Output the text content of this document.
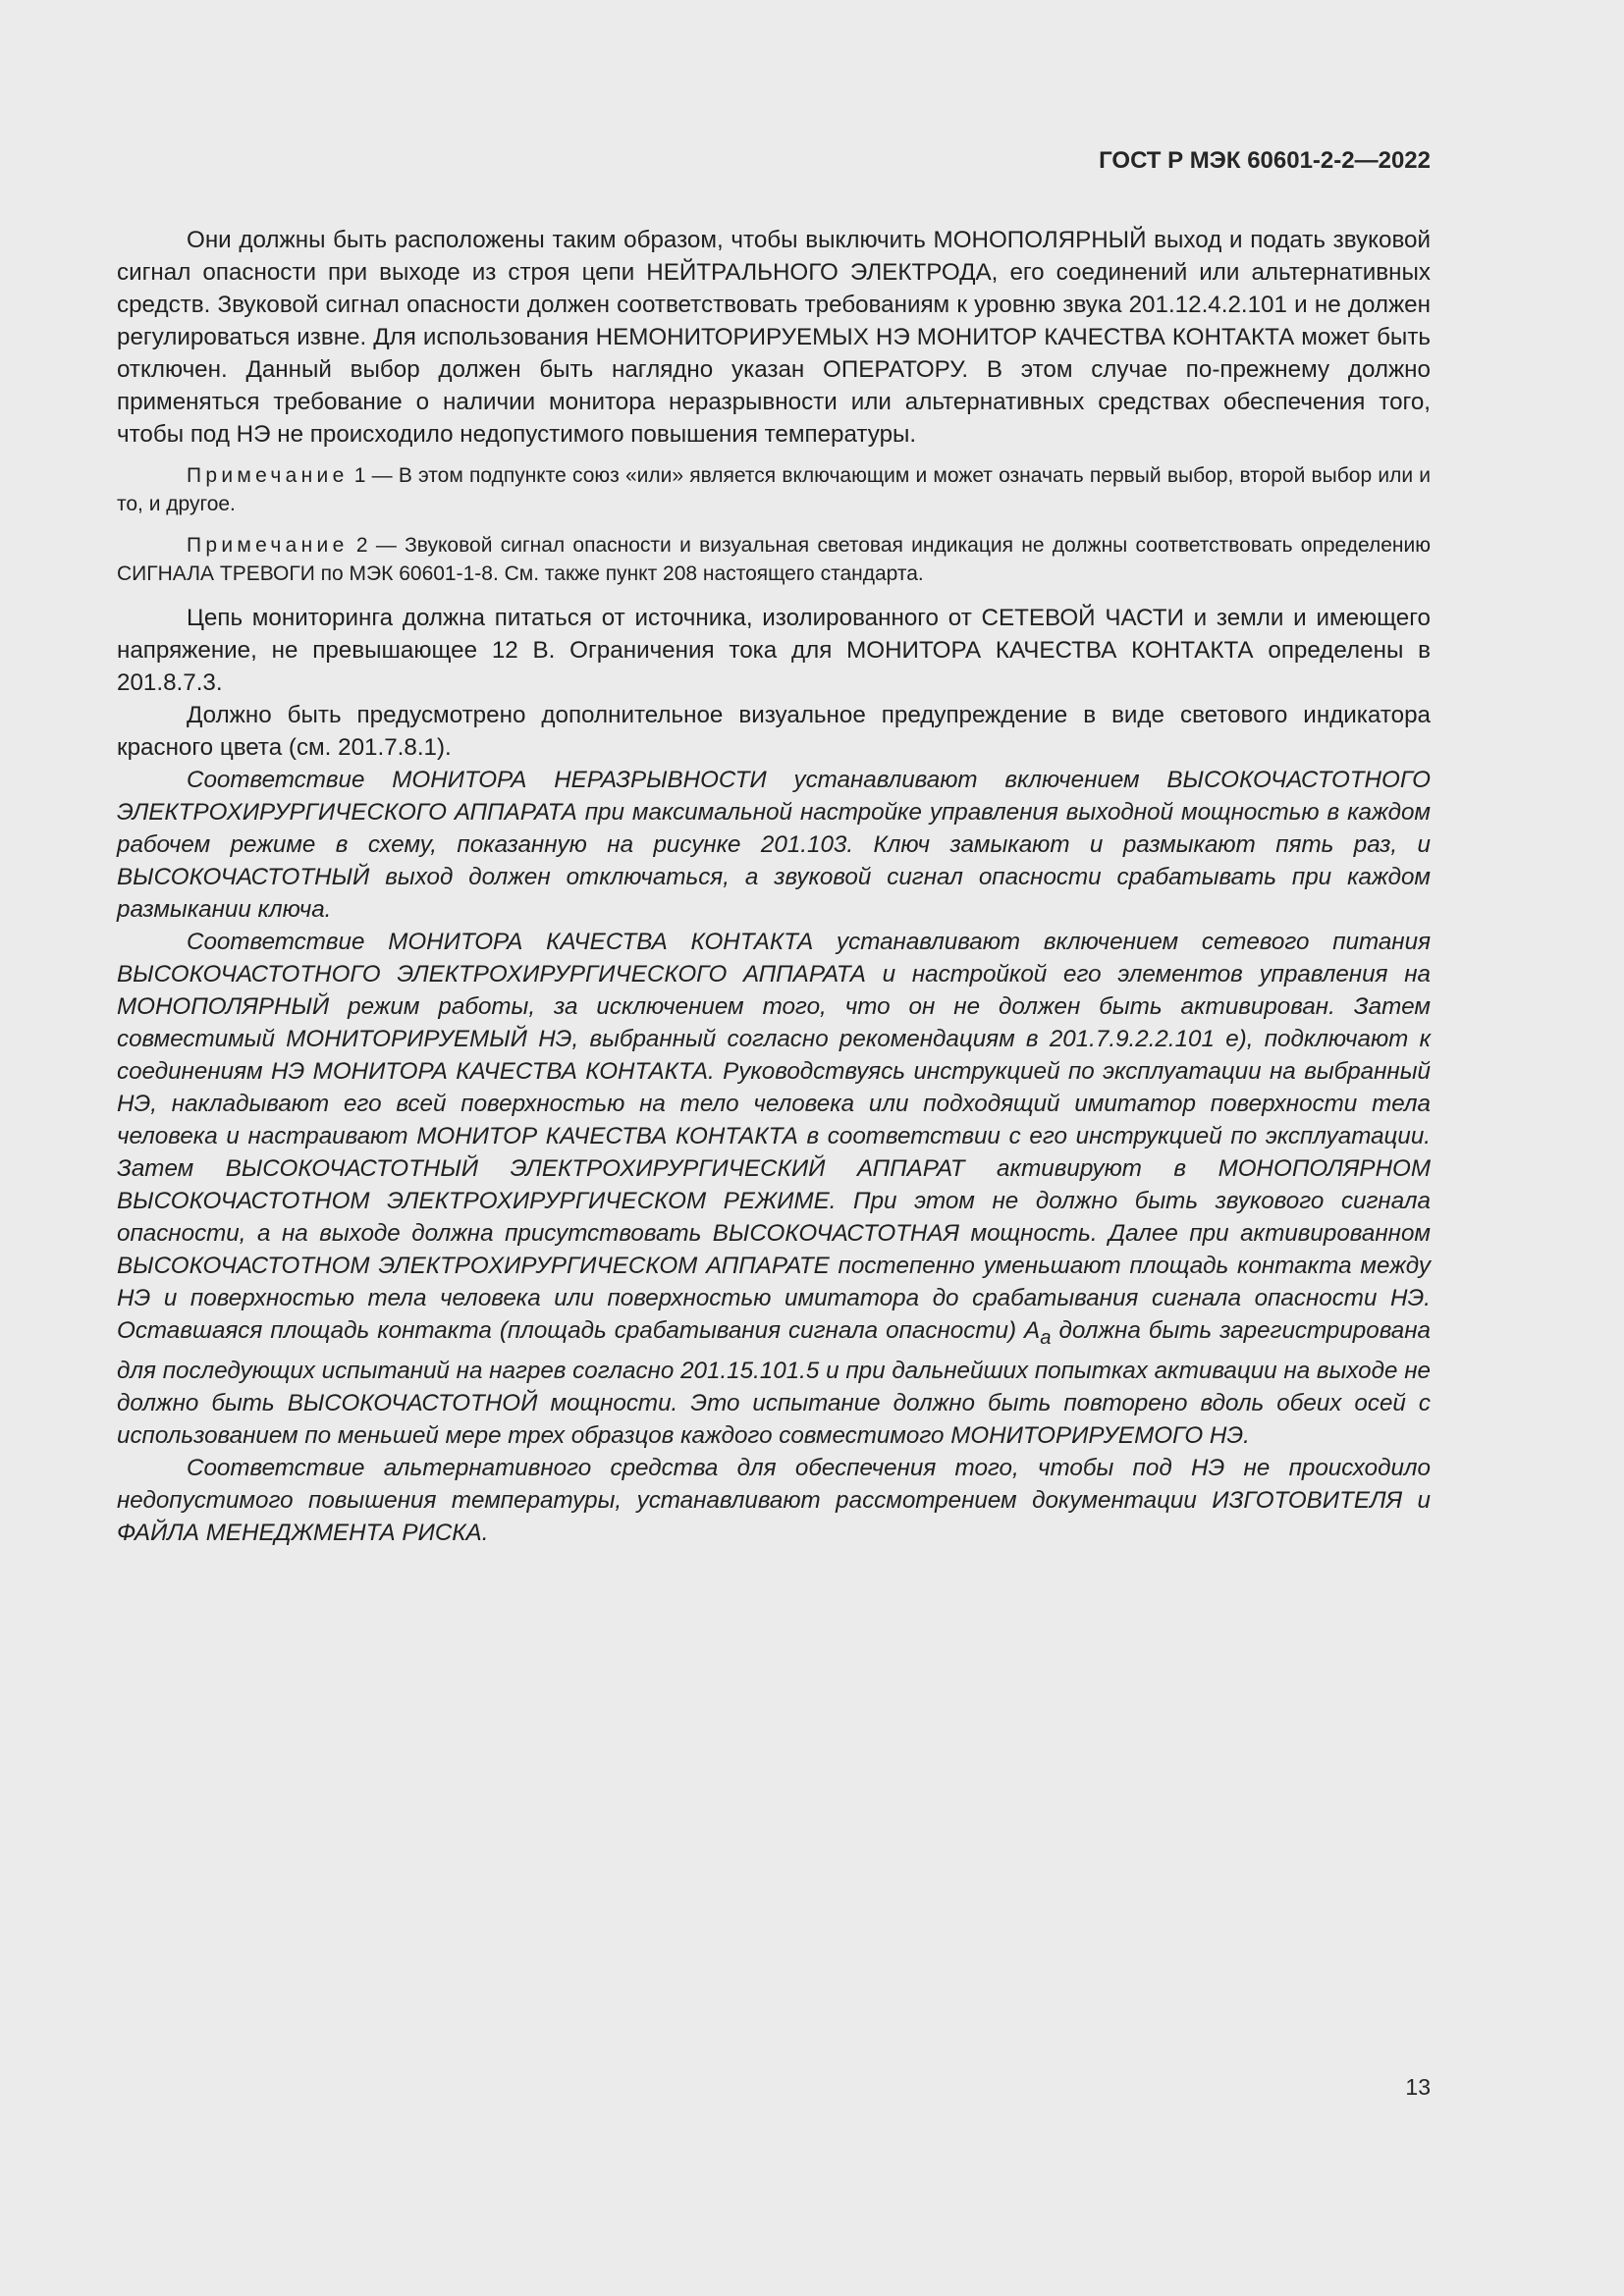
ГОСТ Р МЭК 60601-2-2—2022

Они должны быть расположены таким образом, чтобы выключить МОНОПОЛЯРНЫЙ выход и подать звуковой сигнал опасности при выходе из строя цепи НЕЙТРАЛЬНОГО ЭЛЕКТРОДА, его соединений или альтернативных средств. Звуковой сигнал опасности должен соответствовать требованиям к уровню звука 201.12.4.2.101 и не должен регулироваться извне. Для использования НЕМОНИТОРИРУЕМЫХ НЭ МОНИТОР КАЧЕСТВА КОНТАКТА может быть отключен. Данный выбор должен быть наглядно указан ОПЕРАТОРУ. В этом случае по-прежнему должно применяться требование о наличии монитора неразрывности или альтернативных средствах обеспечения того, чтобы под НЭ не происходило недопустимого повышения температуры.

Примечание 1 — В этом подпункте союз «или» является включающим и может означать первый выбор, второй выбор или и то, и другое.

Примечание 2 — Звуковой сигнал опасности и визуальная световая индикация не должны соответствовать определению СИГНАЛА ТРЕВОГИ по МЭК 60601-1-8. См. также пункт 208 настоящего стандарта.

Цепь мониторинга должна питаться от источника, изолированного от СЕТЕВОЙ ЧАСТИ и земли и имеющего напряжение, не превышающее 12 В. Ограничения тока для МОНИТОРА КАЧЕСТВА КОНТАКТА определены в 201.8.7.3.

Должно быть предусмотрено дополнительное визуальное предупреждение в виде светового индикатора красного цвета (см. 201.7.8.1).

Соответствие МОНИТОРА НЕРАЗРЫВНОСТИ устанавливают включением ВЫСОКОЧАСТОТНОГО ЭЛЕКТРОХИРУРГИЧЕСКОГО АППАРАТА при максимальной настройке управления выходной мощностью в каждом рабочем режиме в схему, показанную на рисунке 201.103. Ключ замыкают и размыкают пять раз, и ВЫСОКОЧАСТОТНЫЙ выход должен отключаться, а звуковой сигнал опасности срабатывать при каждом размыкании ключа.

Соответствие МОНИТОРА КАЧЕСТВА КОНТАКТА устанавливают включением сетевого питания ВЫСОКОЧАСТОТНОГО ЭЛЕКТРОХИРУРГИЧЕСКОГО АППАРАТА и настройкой его элементов управления на МОНОПОЛЯРНЫЙ режим работы, за исключением того, что он не должен быть активирован. Затем совместимый МОНИТОРИРУЕМЫЙ НЭ, выбранный согласно рекомендациям в 201.7.9.2.2.101 е), подключают к соединениям НЭ МОНИТОРА КАЧЕСТВА КОНТАКТА. Руководствуясь инструкцией по эксплуатации на выбранный НЭ, накладывают его всей поверхностью на тело человека или подходящий имитатор поверхности тела человека и настраивают МОНИТОР КАЧЕСТВА КОНТАКТА в соответствии с его инструкцией по эксплуатации. Затем ВЫСОКОЧАСТОТНЫЙ ЭЛЕКТРОХИРУРГИЧЕСКИЙ АППАРАТ активируют в МОНОПОЛЯРНОМ ВЫСОКОЧАСТОТНОМ ЭЛЕКТРОХИРУРГИЧЕСКОМ РЕЖИМЕ. При этом не должно быть звукового сигнала опасности, а на выходе должна присутствовать ВЫСОКОЧАСТОТНАЯ мощность. Далее при активированном ВЫСОКОЧАСТОТНОМ ЭЛЕКТРОХИРУРГИЧЕСКОМ АППАРАТЕ постепенно уменьшают площадь контакта между НЭ и поверхностью тела человека или поверхностью имитатора до срабатывания сигнала опасности НЭ. Оставшаяся площадь контакта (площадь срабатывания сигнала опасности) $A_a$ должна быть зарегистрирована для последующих испытаний на нагрев согласно 201.15.101.5 и при дальнейших попытках активации на выходе не должно быть ВЫСОКОЧАСТОТНОЙ мощности. Это испытание должно быть повторено вдоль обеих осей с использованием по меньшей мере трех образцов каждого совместимого МОНИТОРИРУЕМОГО НЭ.

Соответствие альтернативного средства для обеспечения того, чтобы под НЭ не происходило недопустимого повышения температуры, устанавливают рассмотрением документации ИЗГОТОВИТЕЛЯ и ФАЙЛА МЕНЕДЖМЕНТА РИСКА.

13
